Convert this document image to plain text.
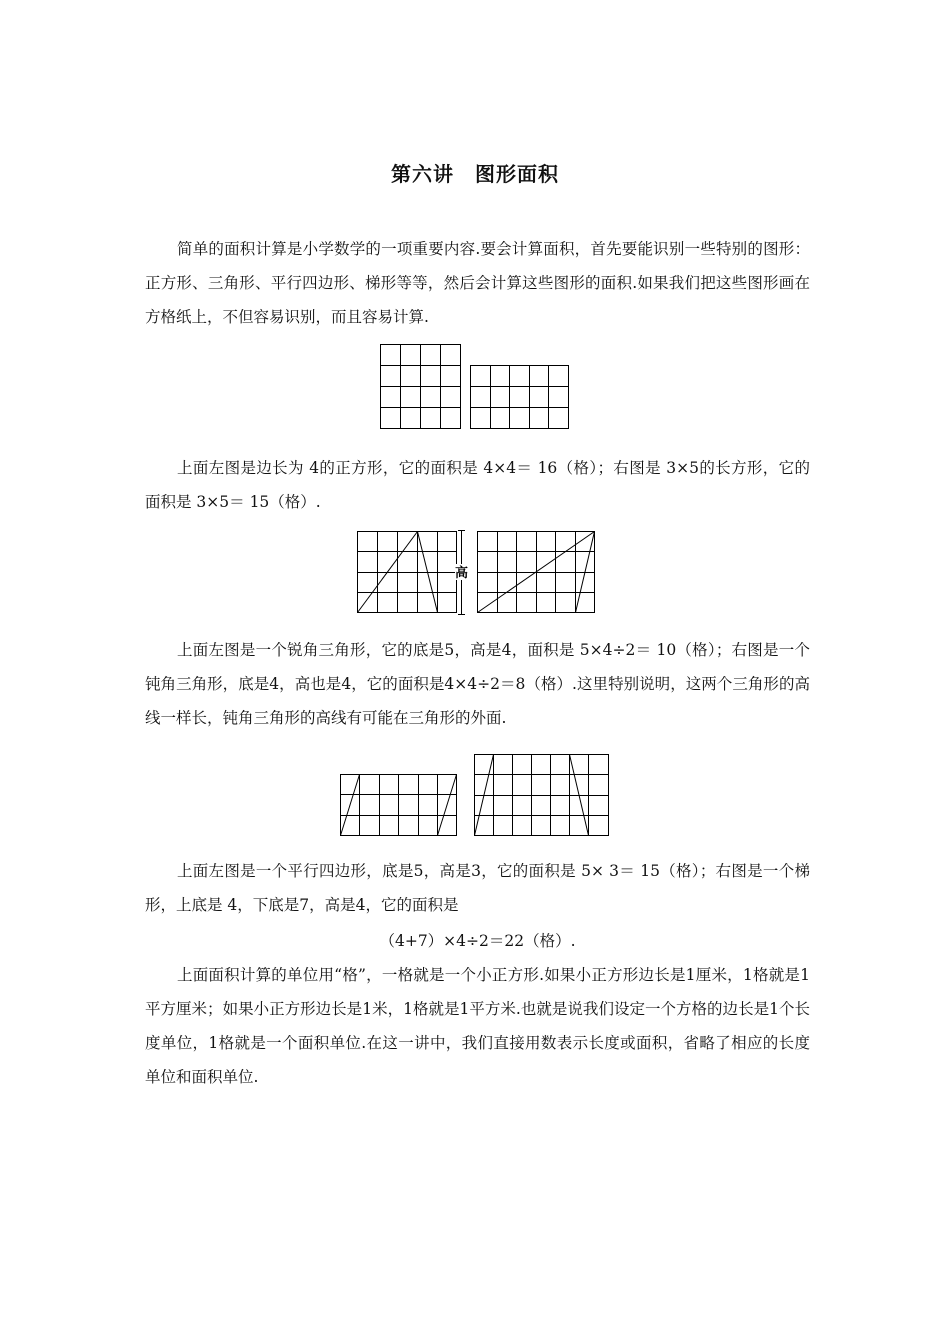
第六讲　图形面积

简单的面积计算是小学数学的一项重要内容.要会计算面积，首先要能识别一些特别的图形：正方形、三角形、平行四边形、梯形等等，然后会计算这些图形的面积.如果我们把这些图形画在方格纸上，不但容易识别，而且容易计算.

上面左图是边长为 4的正方形，它的面积是 4×4＝ 16（格）；右图是 3×5的长方形，它的面积是 3×5＝ 15（格）.

高

上面左图是一个锐角三角形，它的底是5，高是4，面积是 5×4÷2＝ 10（格）；右图是一个钝角三角形，底是4，高也是4，它的面积是4×4÷2＝8（格）.这里特别说明，这两个三角形的高线一样长，钝角三角形的高线有可能在三角形的外面.

上面左图是一个平行四边形，底是5，高是3，它的面积是 5× 3＝ 15（格）；右图是一个梯形，上底是 4，下底是7，高是4，它的面积是

（4+7）×4÷2＝22（格）.

上面面积计算的单位用“格”，一格就是一个小正方形.如果小正方形边长是1厘米，1格就是1平方厘米；如果小正方形边长是1米，1格就是1平方米.也就是说我们设定一个方格的边长是1个长度单位，1格就是一个面积单位.在这一讲中，我们直接用数表示长度或面积，省略了相应的长度单位和面积单位.
